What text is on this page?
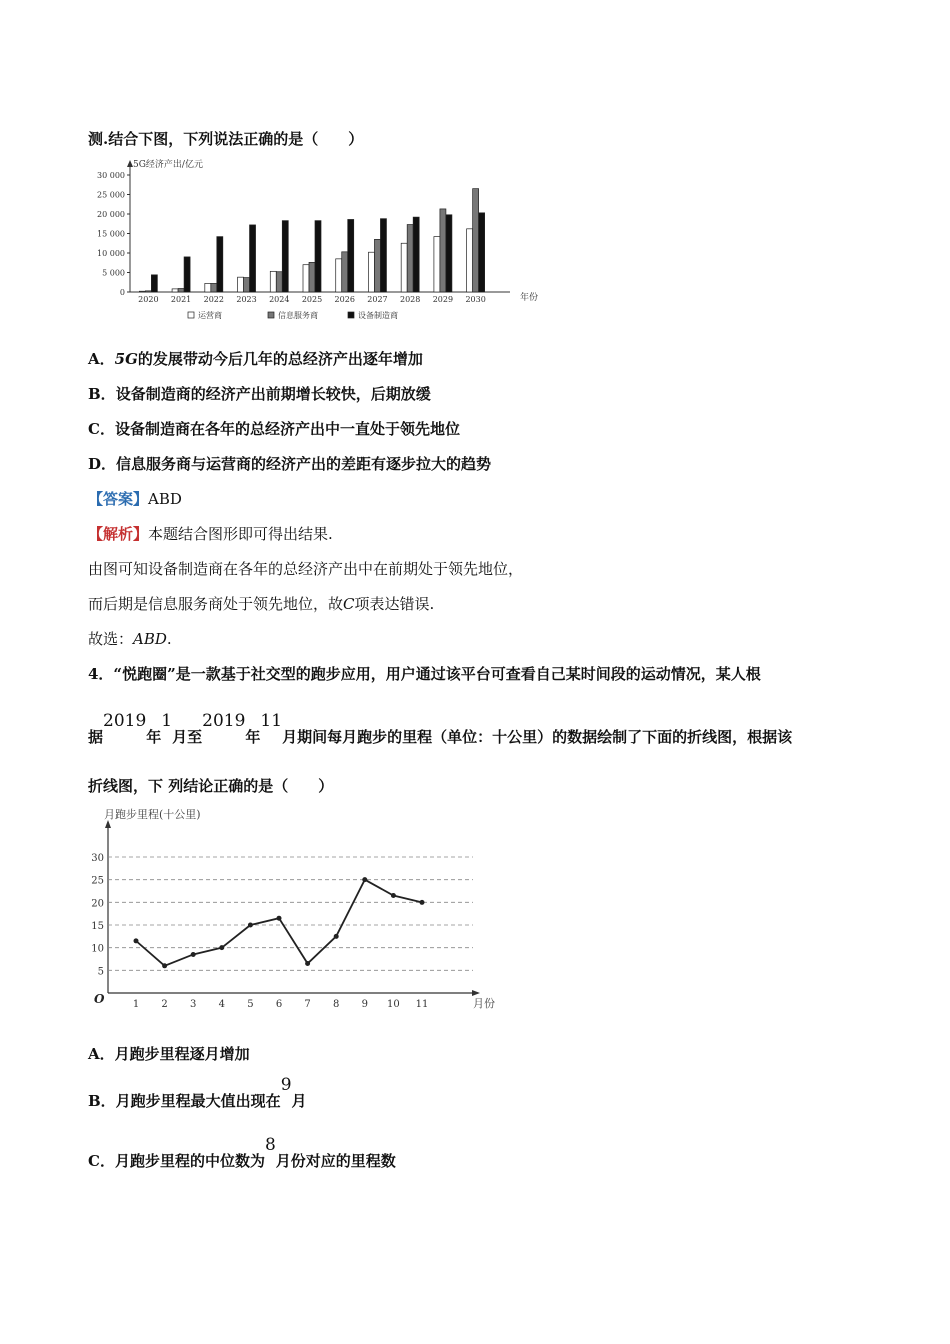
测.结合下图，下列说法正确的是（　　）
5G经济产出/亿元
年份
0
5 000
10 000
15 000
20 000
25 000
30 000
2020 2021 2022 2023 2024 2025 2026 2027 2028 2029 2030
运营商	信息服务商	设备制造商
A．5G的发展带动今后几年的总经济产出逐年增加
B．设备制造商的经济产出前期增长较快，后期放缓
C．设备制造商在各年的总经济产出中一直处于领先地位
D．信息服务商与运营商的经济产出的差距有逐步拉大的趋势
【答案】ABD
【解析】本题结合图形即可得出结果.
由图可知设备制造商在各年的总经济产出中在前期处于领先地位，
而后期是信息服务商处于领先地位，故C项表达错误.
故选：ABD.
4．“悦跑圈”是一款基于社交型的跑步应用，用户通过该平台可查看自己某时间段的运动情况，某人根
据2019年1月至2019年11月期间每月跑步的里程（单位：十公里）的数据绘制了下面的折线图，根据该
折线图，下 列结论正确的是（　　）
月跑步里程(十公里)
月份
O
5
10
15
20
25
30
1 2 3 4 5 6 7 8 9 10 11
A．月跑步里程逐月增加
B．月跑步里程最大值出现在9月
C．月跑步里程的中位数为8月份对应的里程数
